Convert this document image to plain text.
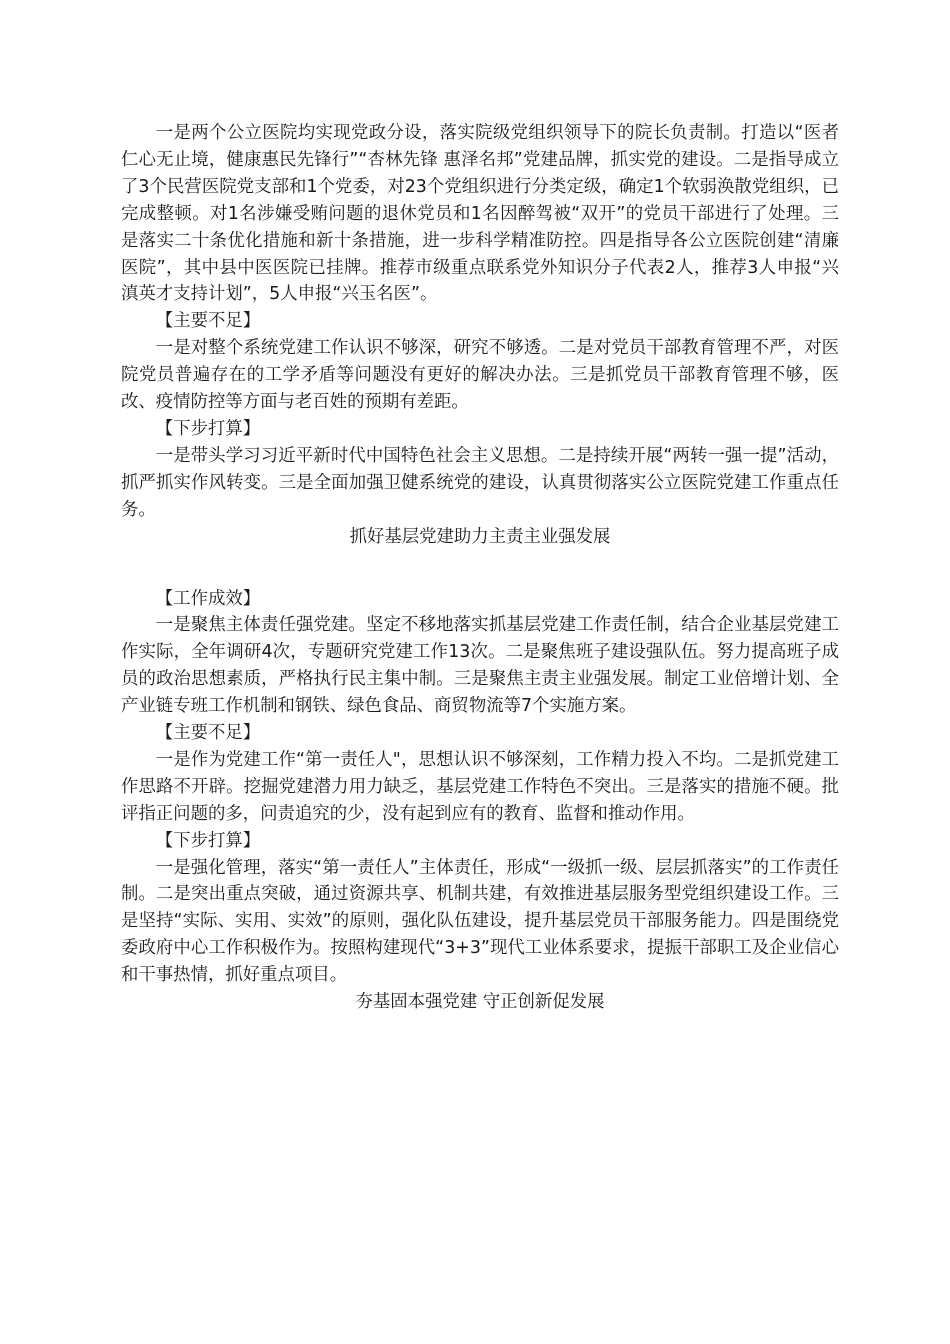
一是两个公立医院均实现党政分设，落实院级党组织领导下的院长负责制。打造以“医者仁心无止境，健康惠民先锋行”“杏林先锋 惠泽名邦”党建品牌，抓实党的建设。二是指导成立了3个民营医院党支部和1个党委，对23个党组织进行分类定级，确定1个软弱涣散党组织，已完成整顿。对1名涉嫌受贿问题的退休党员和1名因醉驾被“双开”的党员干部进行了处理。三是落实二十条优化措施和新十条措施，进一步科学精准防控。四是指导各公立医院创建“清廉医院”，其中县中医医院已挂牌。推荐市级重点联系党外知识分子代表2人，推荐3人申报“兴滇英才支持计划”，5人申报“兴玉名医”。

【主要不足】

一是对整个系统党建工作认识不够深，研究不够透。二是对党员干部教育管理不严，对医院党员普遍存在的工学矛盾等问题没有更好的解决办法。三是抓党员干部教育管理不够，医改、疫情防控等方面与老百姓的预期有差距。

【下步打算】

一是带头学习习近平新时代中国特色社会主义思想。二是持续开展“两转一强一提”活动，抓严抓实作风转变。三是全面加强卫健系统党的建设，认真贯彻落实公立医院党建工作重点任务。

抓好基层党建助力主责主业强发展

【工作成效】

一是聚焦主体责任强党建。坚定不移地落实抓基层党建工作责任制，结合企业基层党建工作实际，全年调研4次，专题研究党建工作13次。二是聚焦班子建设强队伍。努力提高班子成员的政治思想素质，严格执行民主集中制。三是聚焦主责主业强发展。制定工业倍增计划、全产业链专班工作机制和钢铁、绿色食品、商贸物流等7个实施方案。

【主要不足】

一是作为党建工作“第一责任人"，思想认识不够深刻，工作精力投入不均。二是抓党建工作思路不开辟。挖掘党建潜力用力缺乏，基层党建工作特色不突出。三是落实的措施不硬。批评指正问题的多，问责追究的少，没有起到应有的教育、监督和推动作用。

【下步打算】

一是强化管理，落实“第一责任人”主体责任，形成“一级抓一级、层层抓落实”的工作责任制。二是突出重点突破，通过资源共享、机制共建，有效推进基层服务型党组织建设工作。三是坚持“实际、实用、实效”的原则，强化队伍建设，提升基层党员干部服务能力。四是围绕党委政府中心工作积极作为。按照构建现代“3+3”现代工业体系要求，提振干部职工及企业信心和干事热情，抓好重点项目。

夯基固本强党建 守正创新促发展
